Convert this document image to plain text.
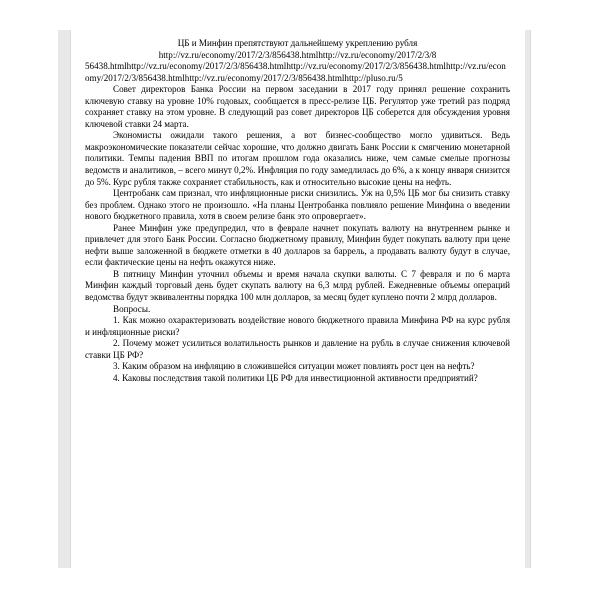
ЦБ и Минфин препятствуют дальнейшему укреплению рубля
http://vz.ru/economy/2017/2/3/856438.htmlhttp://vz.ru/economy/2017/2/3/8
56438.htmlhttp://vz.ru/economy/2017/2/3/856438.htmlhttp://vz.ru/economy/2017/2/3/856438.htmlhttp://vz.ru/economy/2017/2/3/856438.htmlhttp://vz.ru/economy/2017/2/3/856438.htmlhttp://pluso.ru/5

Совет директоров Банка России на первом заседании в 2017 году принял решение сохранить ключевую ставку на уровне 10% годовых, сообщается в пресс-релизе ЦБ. Регулятор уже третий раз подряд сохраняет ставку на этом уровне. В следующий раз совет директоров ЦБ соберется для обсуждения уровня ключевой ставки 24 марта.

Экономисты ожидали такого решения, а вот бизнес-сообщество могло удивиться. Ведь макроэкономические показатели сейчас хорошие, что должно двигать Банк России к смягчению монетарной политики. Темпы падения ВВП по итогам прошлом года оказались ниже, чем самые смелые прогнозы ведомств и аналитиков, – всего минут 0,2%. Инфляция по году замедлилась до 6%, а к концу января снизится до 5%. Курс рубля также сохраняет стабильность, как и относительно высокие цены на нефть.

Центробанк сам признал, что инфляционные риски снизились. Уж на 0,5% ЦБ мог бы снизить ставку без проблем. Однако этого не произошло. «На планы Центробанка повлияло решение Минфина о введении нового бюджетного правила, хотя в своем релизе банк это опровергает».

Ранее Минфин уже предупредил, что в феврале начнет покупать валюту на внутреннем рынке и привлечет для этого Банк России. Согласно бюджетному правилу, Минфин будет покупать валюту при цене нефти выше заложенной в бюджете отметки в 40 долларов за баррель, а продавать валюту будут в случае, если фактические цены на нефть окажутся ниже.

В пятницу Минфин уточнил объемы и время начала скупки валюты. С 7 февраля и по 6 марта Минфин каждый торговый день будет скупать валюту на 6,3 млрд рублей. Ежедневные объемы операций ведомства будут эквивалентны порядка 100 млн долларов, за месяц будет куплено почти 2 млрд долларов.

Вопросы.

1. Как можно охарактеризовать воздействие нового бюджетного правила Минфина РФ на курс рубля и инфляционные риски?

2. Почему может усилиться волатильность рынков и давление на рубль в случае снижения ключевой ставки ЦБ РФ?

3. Каким образом на инфляцию в сложившейся ситуации может повлиять рост цен на нефть?

4. Каковы последствия такой политики ЦБ РФ для инвестиционной активности предприятий?
